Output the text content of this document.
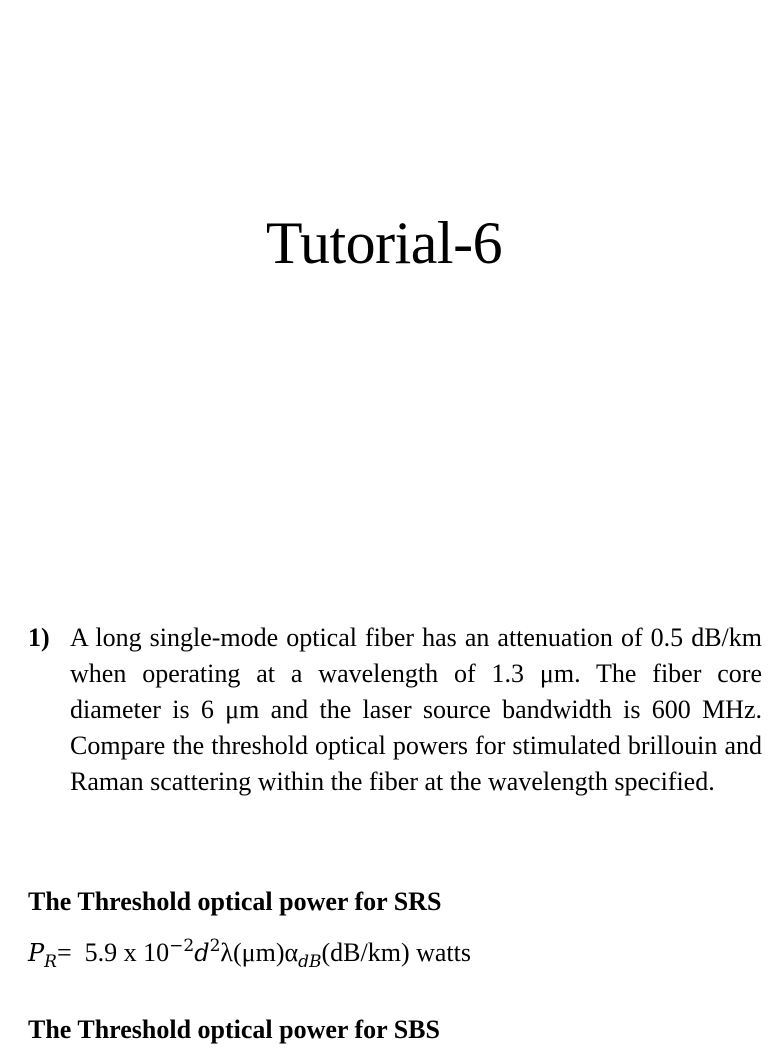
Tutorial-6
1) A long single-mode optical fiber has an attenuation of 0.5 dB/km when operating at a wavelength of 1.3 μm. The fiber core diameter is 6 μm and the laser source bandwidth is 600 MHz. Compare the threshold optical powers for stimulated brillouin and Raman scattering within the fiber at the wavelength specified.
The Threshold optical power for SRS
$P_R= 5.9$ x $10^{-2}d^2\lambda(\mu m)\alpha_{dB}(dB/km)$ watts
The Threshold optical power for SBS
